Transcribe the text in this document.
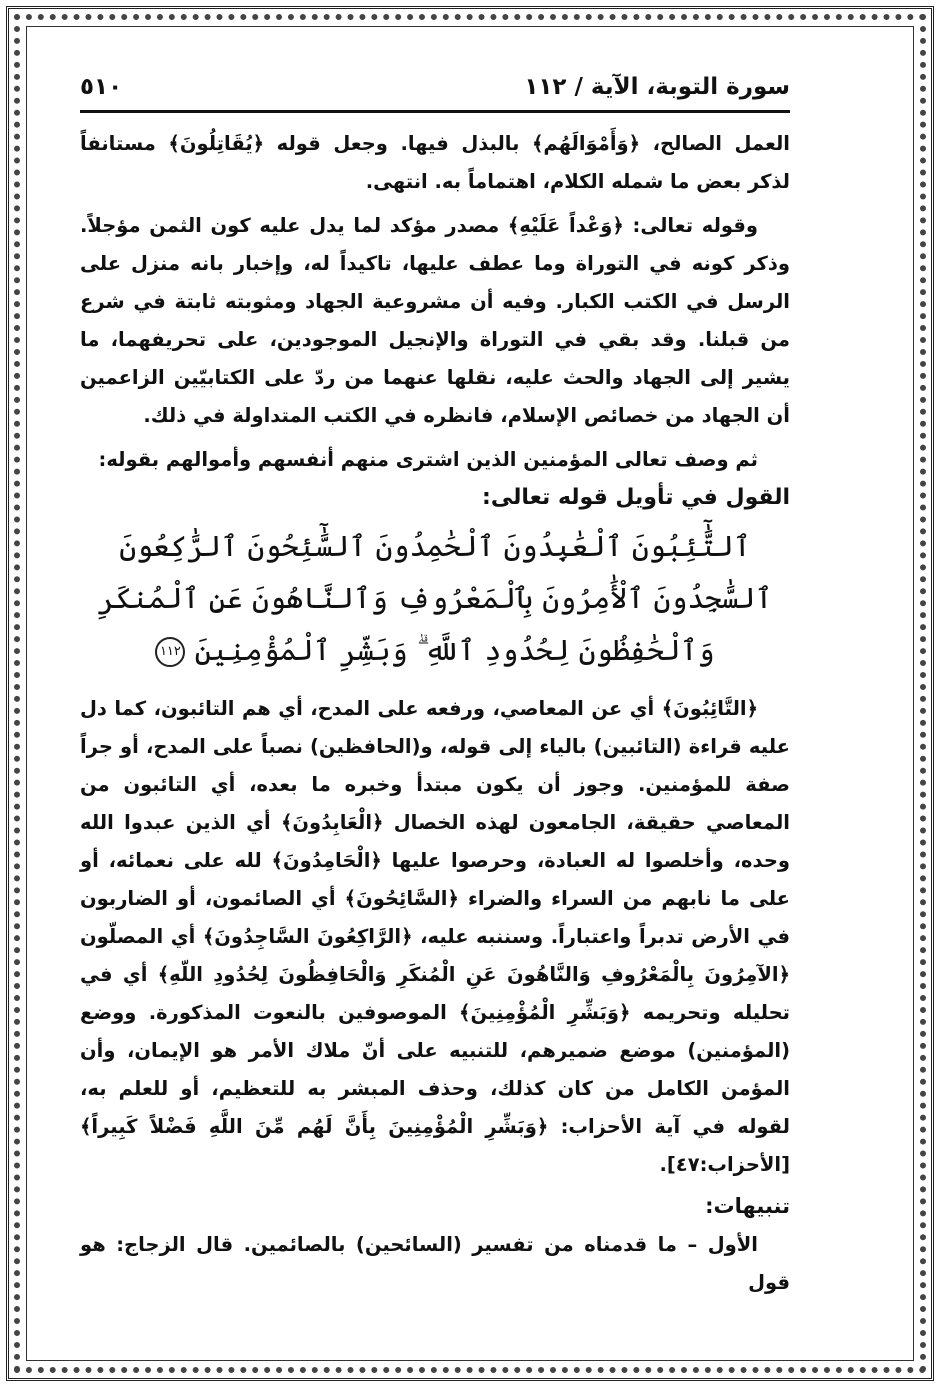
سورة التوبة، الآية / ١١٢
٥١٠

العمل الصالح، ﴿وَأَمْوَالَهُم﴾ بالبذل فيها. وجعل قوله ﴿يُقَاتِلُونَ﴾ مستانفاً لذكر بعض ما شمله الكلام، اهتماماً به. انتهى.

وقوله تعالى: ﴿وَعْداً عَلَيْهِ﴾ مصدر مؤكد لما يدل عليه كون الثمن مؤجلاً. وذكر كونه في التوراة وما عطف عليها، تاكيداً له، وإخبار بانه منزل على الرسل في الكتب الكبار. وفيه أن مشروعية الجهاد ومثوبته ثابتة في شرع من قبلنا. وقد بقي في التوراة والإنجيل الموجودين، على تحريفهما، ما يشير إلى الجهاد والحث عليه، نقلها عنهما من ردّ على الكتابيّين الزاعمين أن الجهاد من خصائص الإسلام، فانظره في الكتب المتداولة في ذلك.

ثم وصف تعالى المؤمنين الذين اشترى منهم أنفسهم وأموالهم بقوله:

القول في تأويل قوله تعالى:
ٱلتَّٰٓئِبُونَ ٱلْعَٰبِدُونَ ٱلْحَٰمِدُونَ ٱلسَّٰٓئِحُونَ ٱلرَّٰكِعُونَ
ٱلسَّٰجِدُونَ ٱلْأَٰمِرُونَ بِٱلْمَعْرُوفِ وَٱلنَّاهُونَ عَنِ ٱلْمُنكَرِ
وَٱلْحَٰفِظُونَ لِحُدُودِ ٱللَّهِ ۗ وَبَشِّرِ ٱلْمُؤْمِنِينَ ١١٢

﴿التَّائِبُونَ﴾ أي عن المعاصي، ورفعه على المدح، أي هم التائبون، كما دل عليه قراءة (التائبين) بالياء إلى قوله، و(الحافظين) نصباً على المدح، أو جراً صفة للمؤمنين. وجوز أن يكون مبتدأ وخبره ما بعده، أي التائبون من المعاصي حقيقة، الجامعون لهذه الخصال ﴿الْعَابِدُونَ﴾ أي الذين عبدوا الله وحده، وأخلصوا له العبادة، وحرصوا عليها ﴿الْحَامِدُونَ﴾ لله على نعمائه، أو على ما نابهم من السراء والضراء ﴿السَّائِحُونَ﴾ أي الصائمون، أو الضاربون في الأرض تدبراً واعتباراً. وسننبه عليه، ﴿الرَّاكِعُونَ السَّاجِدُونَ﴾ أي المصلّون ﴿الآمِرُونَ بِالْمَعْرُوفِ وَالنَّاهُونَ عَنِ الْمُنكَرِ وَالْحَافِظُونَ لِحُدُودِ اللّهِ﴾ أي في تحليله وتحريمه ﴿وَبَشِّرِ الْمُؤْمِنِينَ﴾ الموصوفين بالنعوت المذكورة. ووضع (المؤمنين) موضع ضميرهم، للتنبيه على أنّ ملاك الأمر هو الإيمان، وأن المؤمن الكامل من كان كذلك، وحذف المبشر به للتعظيم، أو للعلم به، لقوله في آية الأحزاب: ﴿وَبَشِّرِ الْمُؤْمِنِينَ بِأَنَّ لَهُم مِّنَ اللَّهِ فَضْلاً كَبِيراً﴾ [الأحزاب:٤٧].

تنبيهات:

الأول – ما قدمناه من تفسير (السائحين) بالصائمين. قال الزجاج: هو قول
